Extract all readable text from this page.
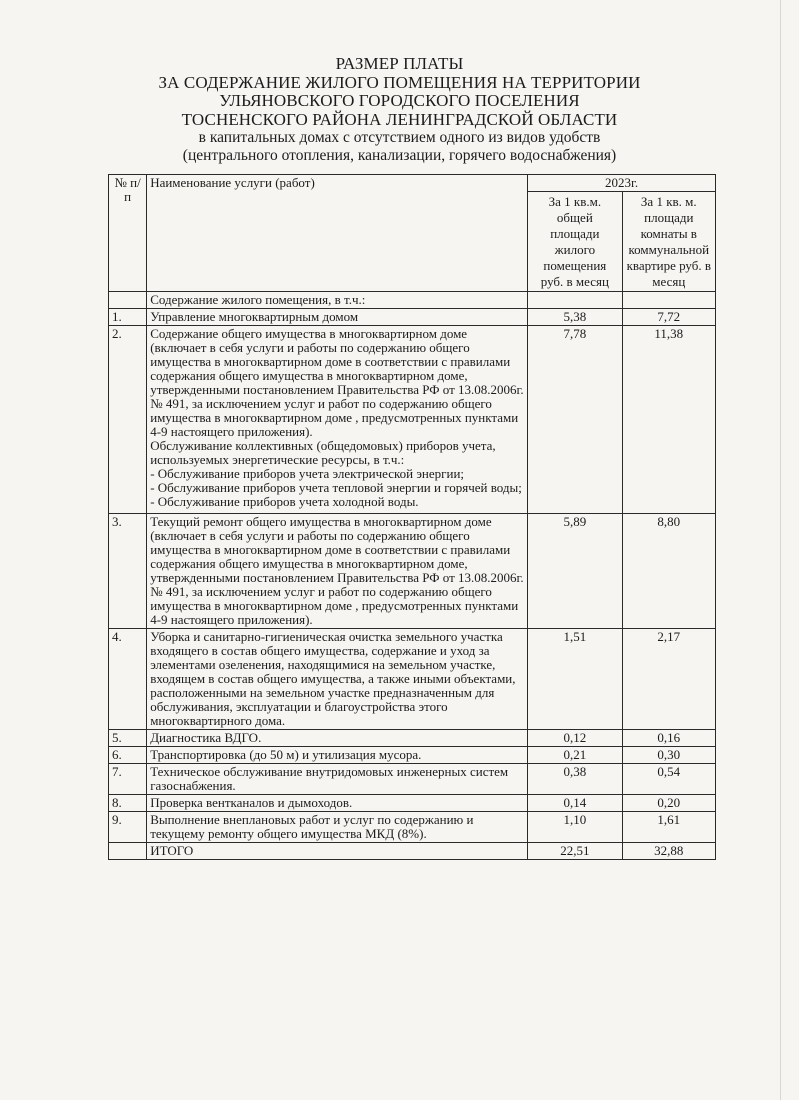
РАЗМЕР ПЛАТЫ
ЗА СОДЕРЖАНИЕ ЖИЛОГО ПОМЕЩЕНИЯ НА ТЕРРИТОРИИ
УЛЬЯНОВСКОГО ГОРОДСКОГО ПОСЕЛЕНИЯ
ТОСНЕНСКОГО РАЙОНА ЛЕНИНГРАДСКОЙ ОБЛАСТИ
в капитальных домах с отсутствием одного из видов удобств
(центрального отопления, канализации, горячего водоснабжения)
№ п/п	Наименование услуги (работ)	2023г.	
		За 1 кв.м. общей площади жилого помещения руб. в месяц	За 1 кв. м. площади комнаты в коммунальной квартире руб. в месяц
	Содержание жилого помещения, в т.ч.:		
1.	Управление многоквартирным домом	5,38	7,72
2.	Содержание общего имущества в многоквартирном доме (включает в себя услуги и работы по содержанию общего имущества в многоквартирном доме в соответствии с правилами содержания общего имущества в многоквартирном доме, утвержденными постановлением Правительства РФ от 13.08.2006г. № 491, за исключением услуг и работ по содержанию общего имущества в многоквартирном доме , предусмотренных пунктами 4-9 настоящего приложения).
Обслуживание коллективных (общедомовых) приборов учета, используемых энергетические ресурсы, в т.ч.:
- Обслуживание приборов учета электрической энергии;
- Обслуживание приборов учета тепловой энергии и горячей воды;
- Обслуживание приборов учета холодной воды.	7,78	11,38
3.	Текущий ремонт общего имущества в многоквартирном доме (включает в себя услуги и работы по содержанию общего имущества в многоквартирном доме в соответствии с правилами содержания общего имущества в многоквартирном доме, утвержденными постановлением Правительства РФ от 13.08.2006г. № 491, за исключением услуг и работ по содержанию общего имущества в многоквартирном доме , предусмотренных пунктами 4-9 настоящего приложения).	5,89	8,80
4.	Уборка и санитарно-гигиеническая очистка земельного участка входящего в состав общего имущества, содержание и уход за элементами озеленения, находящимися на земельном участке, входящем в состав общего имущества, а также иными объектами, расположенными на земельном участке предназначенным для обслуживания, эксплуатации и благоустройства этого многоквартирного дома.	1,51	2,17
5.	Диагностика ВДГО.	0,12	0,16
6.	Транспортировка (до 50 м) и утилизация мусора.	0,21	0,30
7.	Техническое обслуживание внутридомовых инженерных систем газоснабжения.	0,38	0,54
8.	Проверка вентканалов и дымоходов.	0,14	0,20
9.	Выполнение внеплановых работ и услуг по содержанию и текущему ремонту общего имущества МКД (8%).	1,10	1,61
	ИТОГО	22,51	32,88
